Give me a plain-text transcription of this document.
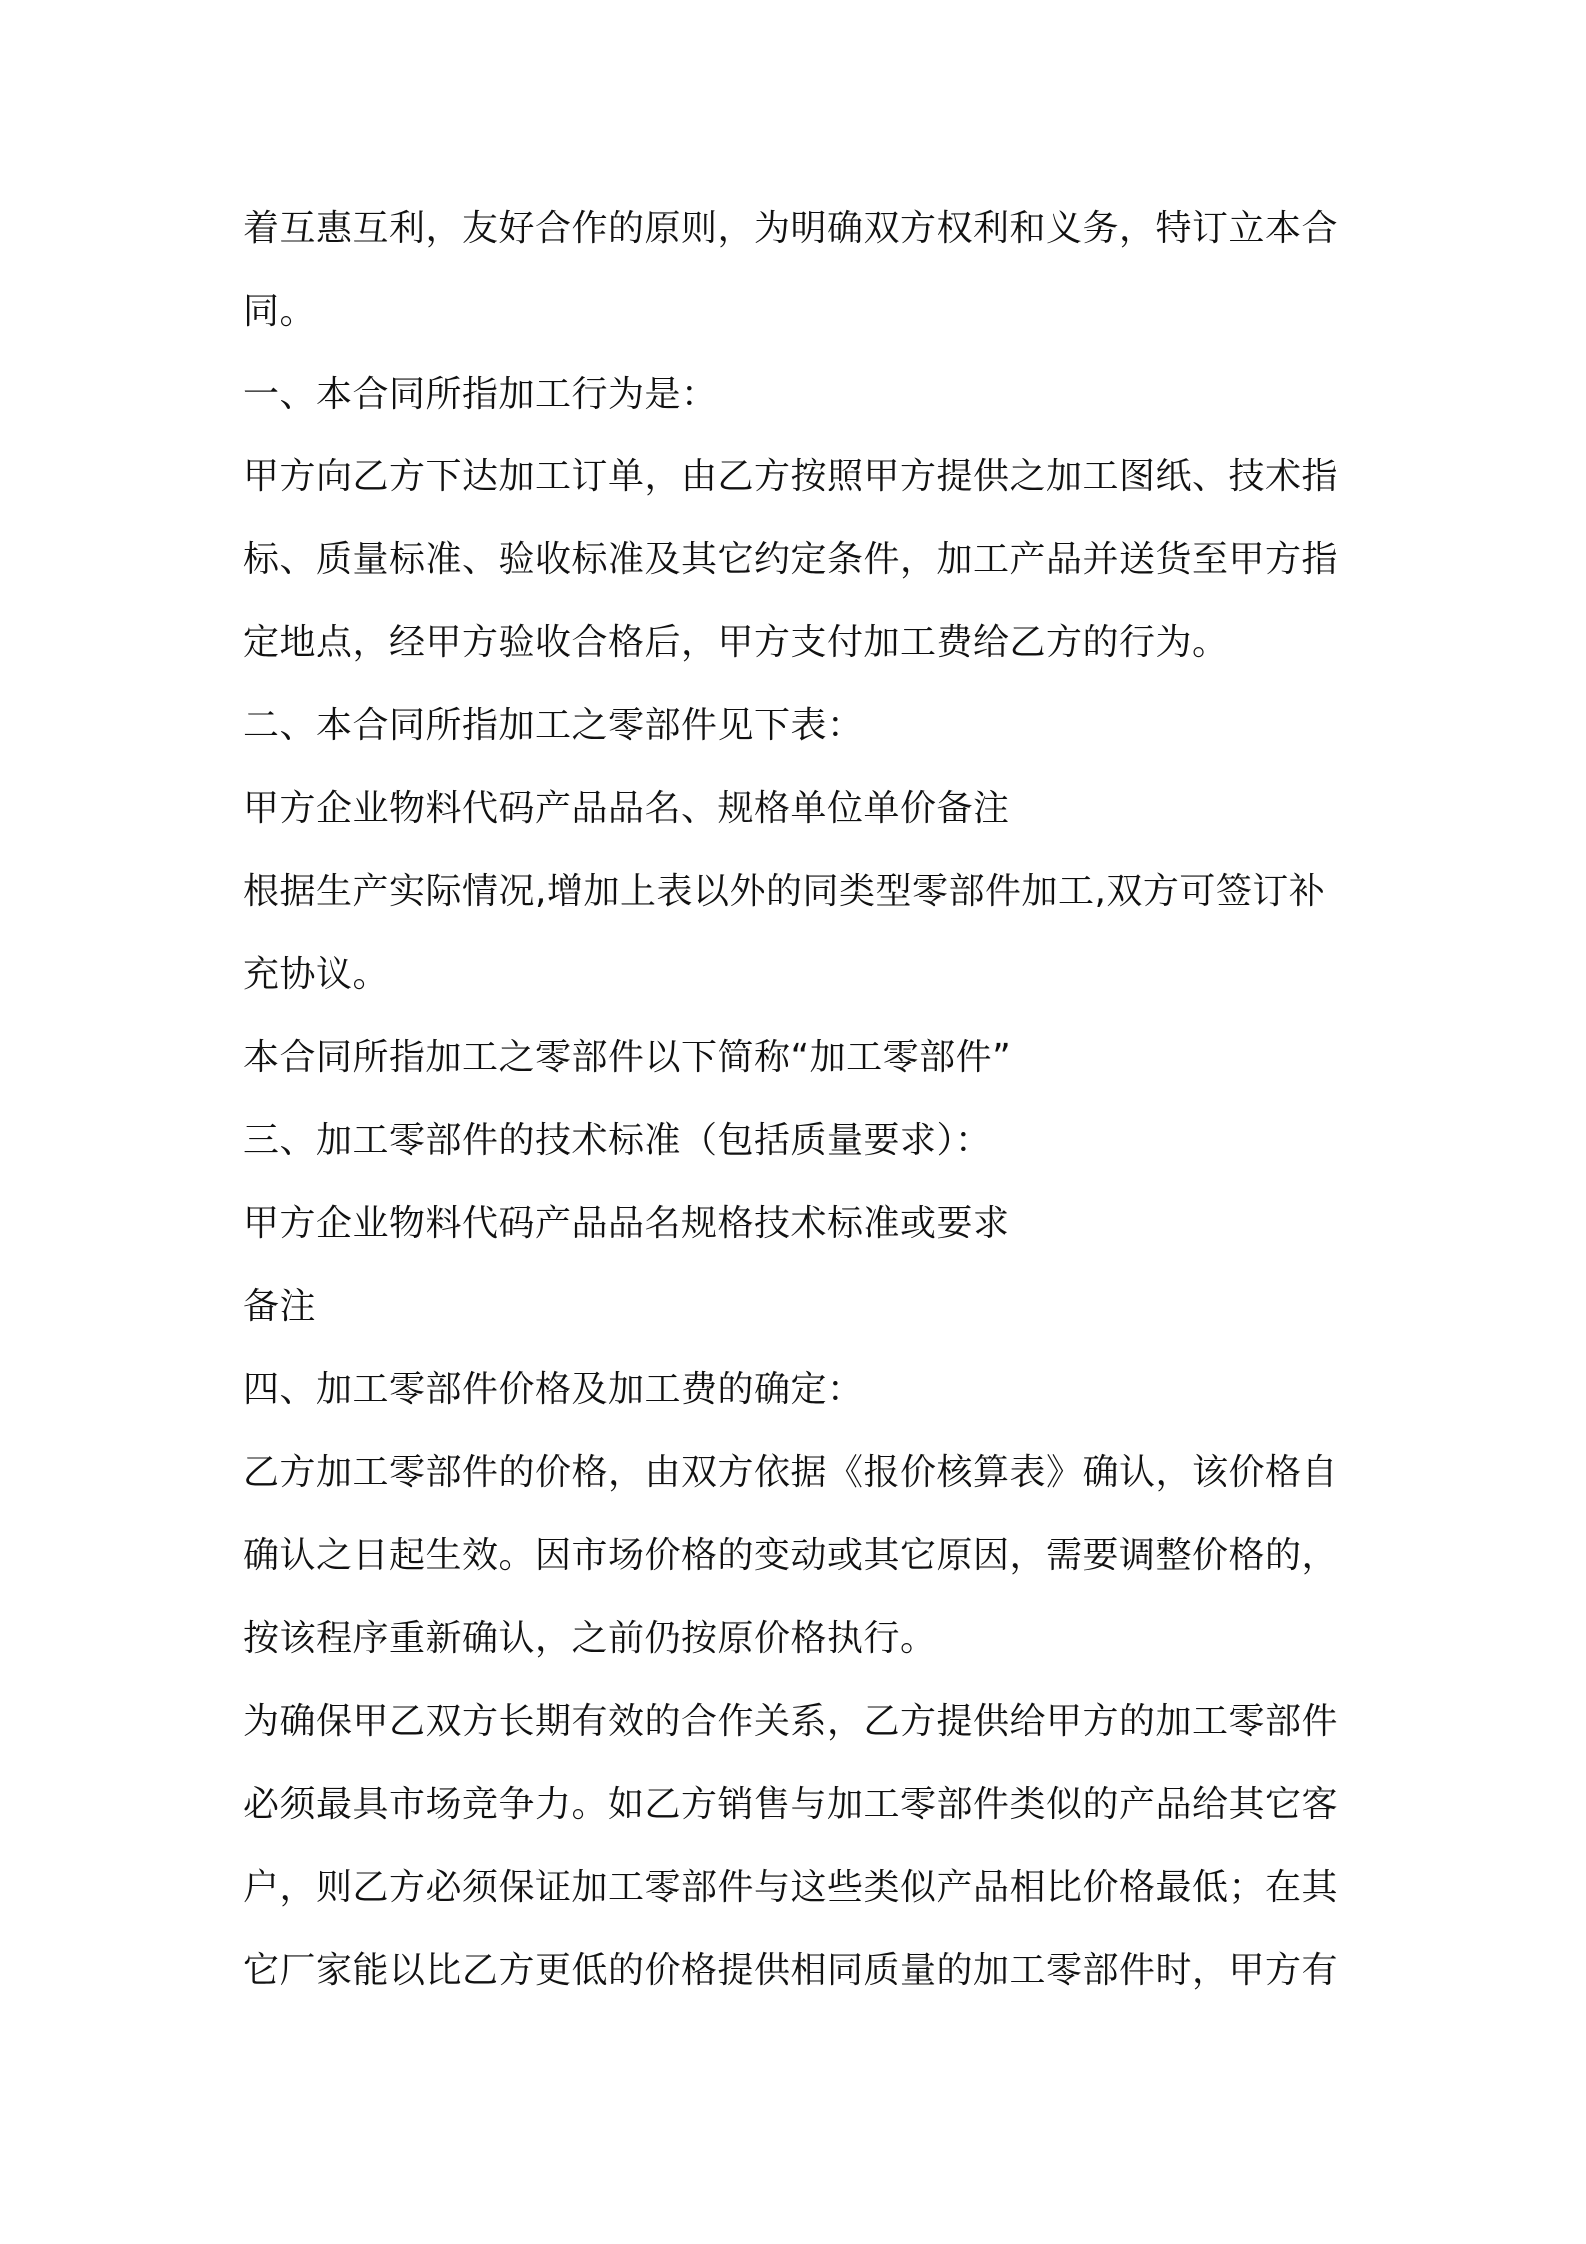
着互惠互利，友好合作的原则，为明确双方权利和义务，特订立本合
同。
一、本合同所指加工行为是：
甲方向乙方下达加工订单，由乙方按照甲方提供之加工图纸、技术指
标、质量标准、验收标准及其它约定条件，加工产品并送货至甲方指
定地点，经甲方验收合格后，甲方支付加工费给乙方的行为。
二、本合同所指加工之零部件见下表：
甲方企业物料代码产品品名、规格单位单价备注
根据生产实际情况,增加上表以外的同类型零部件加工,双方可签订补
充协议。
本合同所指加工之零部件以下简称“加工零部件”
三、加工零部件的技术标准（包括质量要求）：
甲方企业物料代码产品品名规格技术标准或要求
备注
四、加工零部件价格及加工费的确定：
乙方加工零部件的价格，由双方依据《报价核算表》确认，该价格自
确认之日起生效。因市场价格的变动或其它原因，需要调整价格的，
按该程序重新确认，之前仍按原价格执行。
为确保甲乙双方长期有效的合作关系，乙方提供给甲方的加工零部件
必须最具市场竞争力。如乙方销售与加工零部件类似的产品给其它客
户，则乙方必须保证加工零部件与这些类似产品相比价格最低；在其
它厂家能以比乙方更低的价格提供相同质量的加工零部件时，甲方有
